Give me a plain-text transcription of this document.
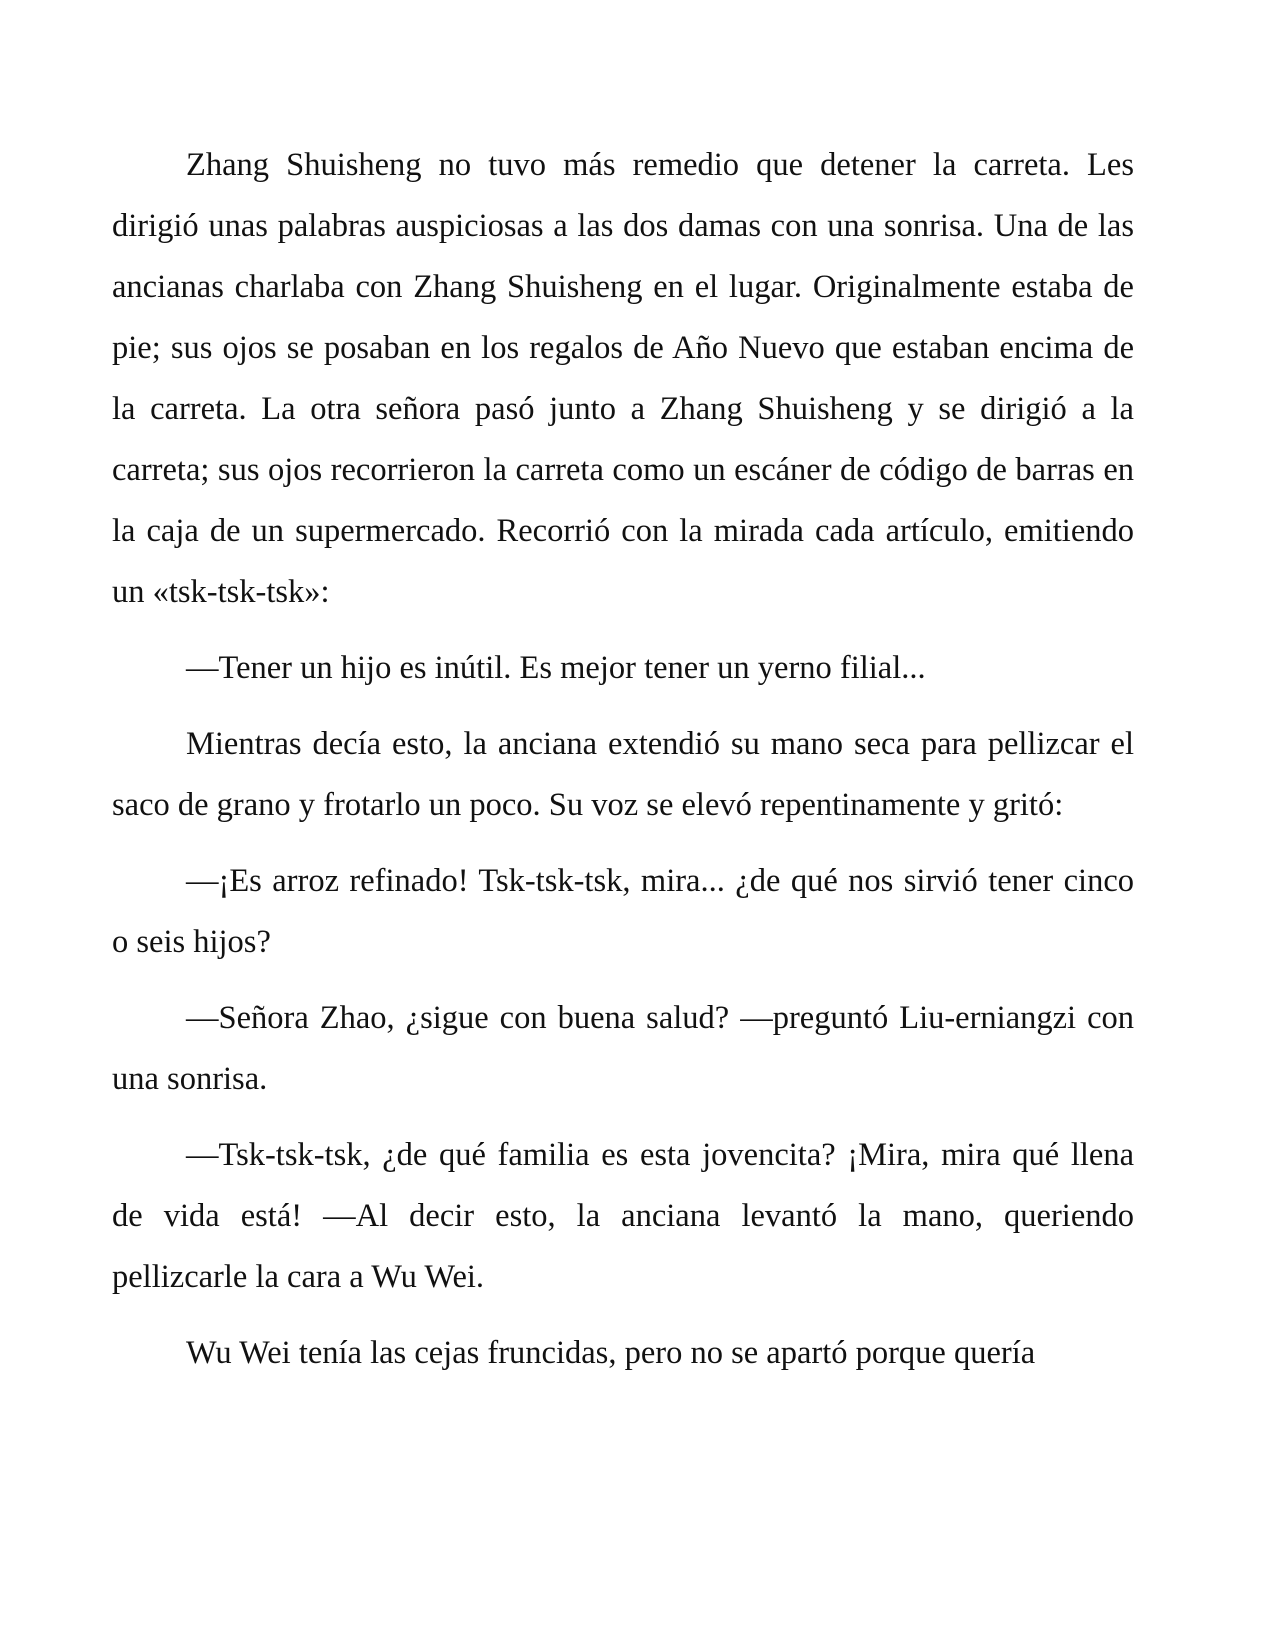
Zhang Shuisheng no tuvo más remedio que detener la carreta. Les dirigió unas palabras auspiciosas a las dos damas con una sonrisa. Una de las ancianas charlaba con Zhang Shuisheng en el lugar. Originalmente estaba de pie; sus ojos se posaban en los regalos de Año Nuevo que estaban encima de la carreta. La otra señora pasó junto a Zhang Shuisheng y se dirigió a la carreta; sus ojos recorrieron la carreta como un escáner de código de barras en la caja de un supermercado. Recorrió con la mirada cada artículo, emitiendo un «tsk-tsk-tsk»:

—Tener un hijo es inútil. Es mejor tener un yerno filial...

Mientras decía esto, la anciana extendió su mano seca para pellizcar el saco de grano y frotarlo un poco. Su voz se elevó repentinamente y gritó:

—¡Es arroz refinado! Tsk-tsk-tsk, mira... ¿de qué nos sirvió tener cinco o seis hijos?

—Señora Zhao, ¿sigue con buena salud? —preguntó Liu-erniangzi con una sonrisa.

—Tsk-tsk-tsk, ¿de qué familia es esta jovencita? ¡Mira, mira qué llena de vida está! —Al decir esto, la anciana levantó la mano, queriendo pellizcarle la cara a Wu Wei.

Wu Wei tenía las cejas fruncidas, pero no se apartó porque quería
